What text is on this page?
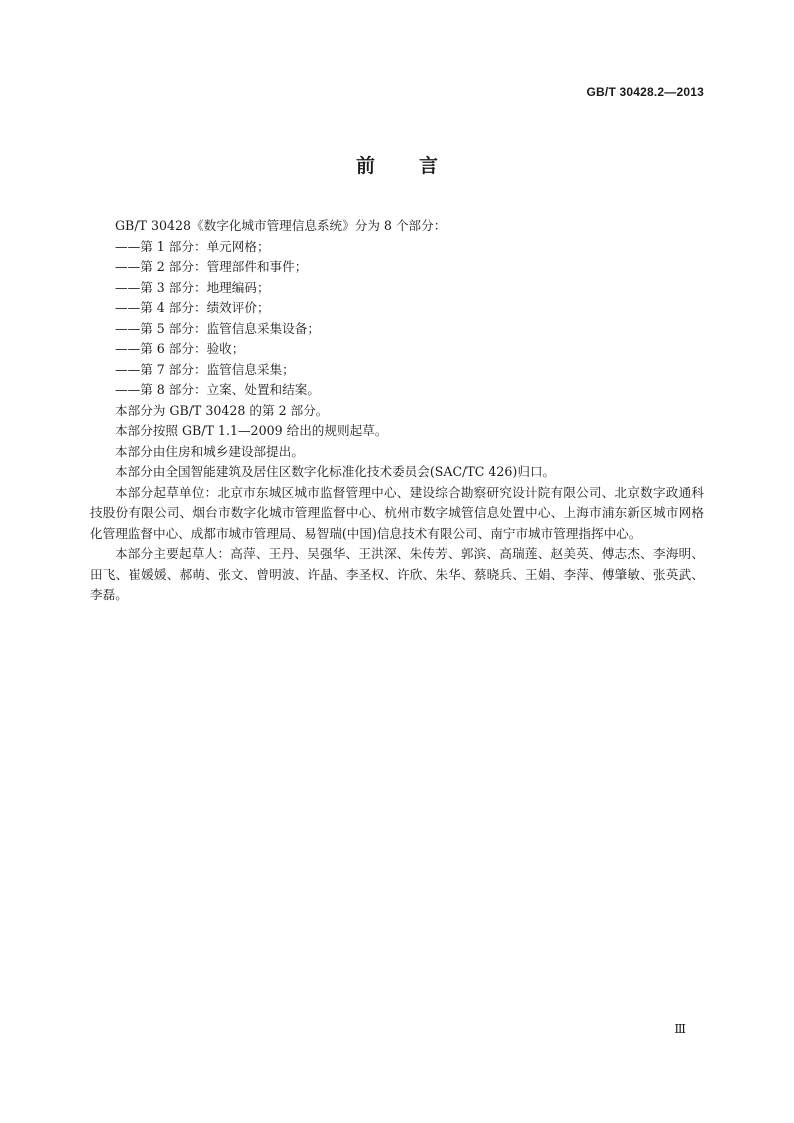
GB/T 30428.2—2013
前 言

GB/T 30428《数字化城市管理信息系统》分为 8 个部分：

——第 1 部分：单元网格；

——第 2 部分：管理部件和事件；

——第 3 部分：地理编码；

——第 4 部分：绩效评价；

——第 5 部分：监管信息采集设备；

——第 6 部分：验收；

——第 7 部分：监管信息采集；

——第 8 部分：立案、处置和结案。

本部分为 GB/T 30428 的第 2 部分。

本部分按照 GB/T 1.1—2009 给出的规则起草。

本部分由住房和城乡建设部提出。

本部分由全国智能建筑及居住区数字化标准化技术委员会(SAC/TC 426)归口。

本部分起草单位：北京市东城区城市监督管理中心、建设综合勘察研究设计院有限公司、北京数字政通科技股份有限公司、烟台市数字化城市管理监督中心、杭州市数字城管信息处置中心、上海市浦东新区城市网格化管理监督中心、成都市城市管理局、易智瑞(中国)信息技术有限公司、南宁市城市管理指挥中心。

本部分主要起草人：高萍、王丹、吴强华、王洪深、朱传芳、郭滨、高瑞莲、赵美英、傅志杰、李海明、田飞、崔媛媛、郝萌、张文、曾明波、许晶、李圣权、许欣、朱华、蔡晓兵、王娟、李萍、傅肇敏、张英武、李磊。

Ⅲ
